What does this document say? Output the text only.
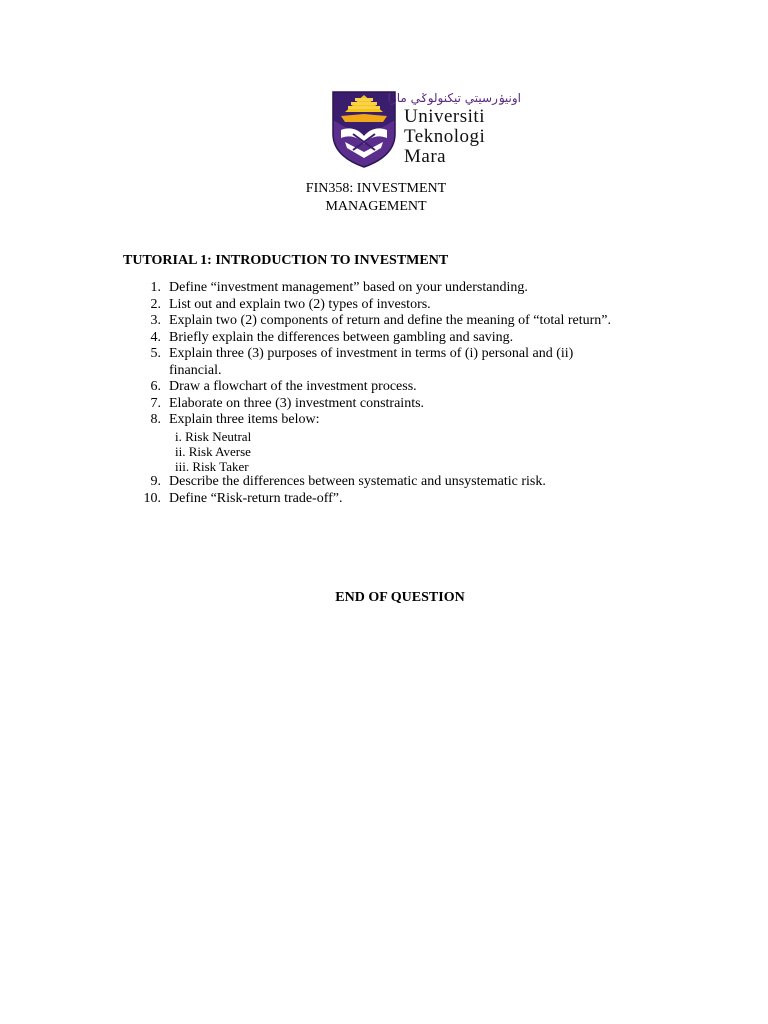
اونيۏرسيتي تيكنولوݢي مارا
Universiti
Teknologi
Mara
FIN358: INVESTMENT
MANAGEMENT
TUTORIAL 1: INTRODUCTION TO INVESTMENT
1. Define “investment management” based on your understanding.
2. List out and explain two (2) types of investors.
3. Explain two (2) components of return and define the meaning of “total return”.
4. Briefly explain the differences between gambling and saving.
5. Explain three (3) purposes of investment in terms of (i) personal and (ii) financial.
6. Draw a flowchart of the investment process.
7. Elaborate on three (3) investment constraints.
8. Explain three items below:
i. Risk Neutral
ii. Risk Averse
iii. Risk Taker
9. Describe the differences between systematic and unsystematic risk.
10. Define “Risk-return trade-off”.
END OF QUESTION
